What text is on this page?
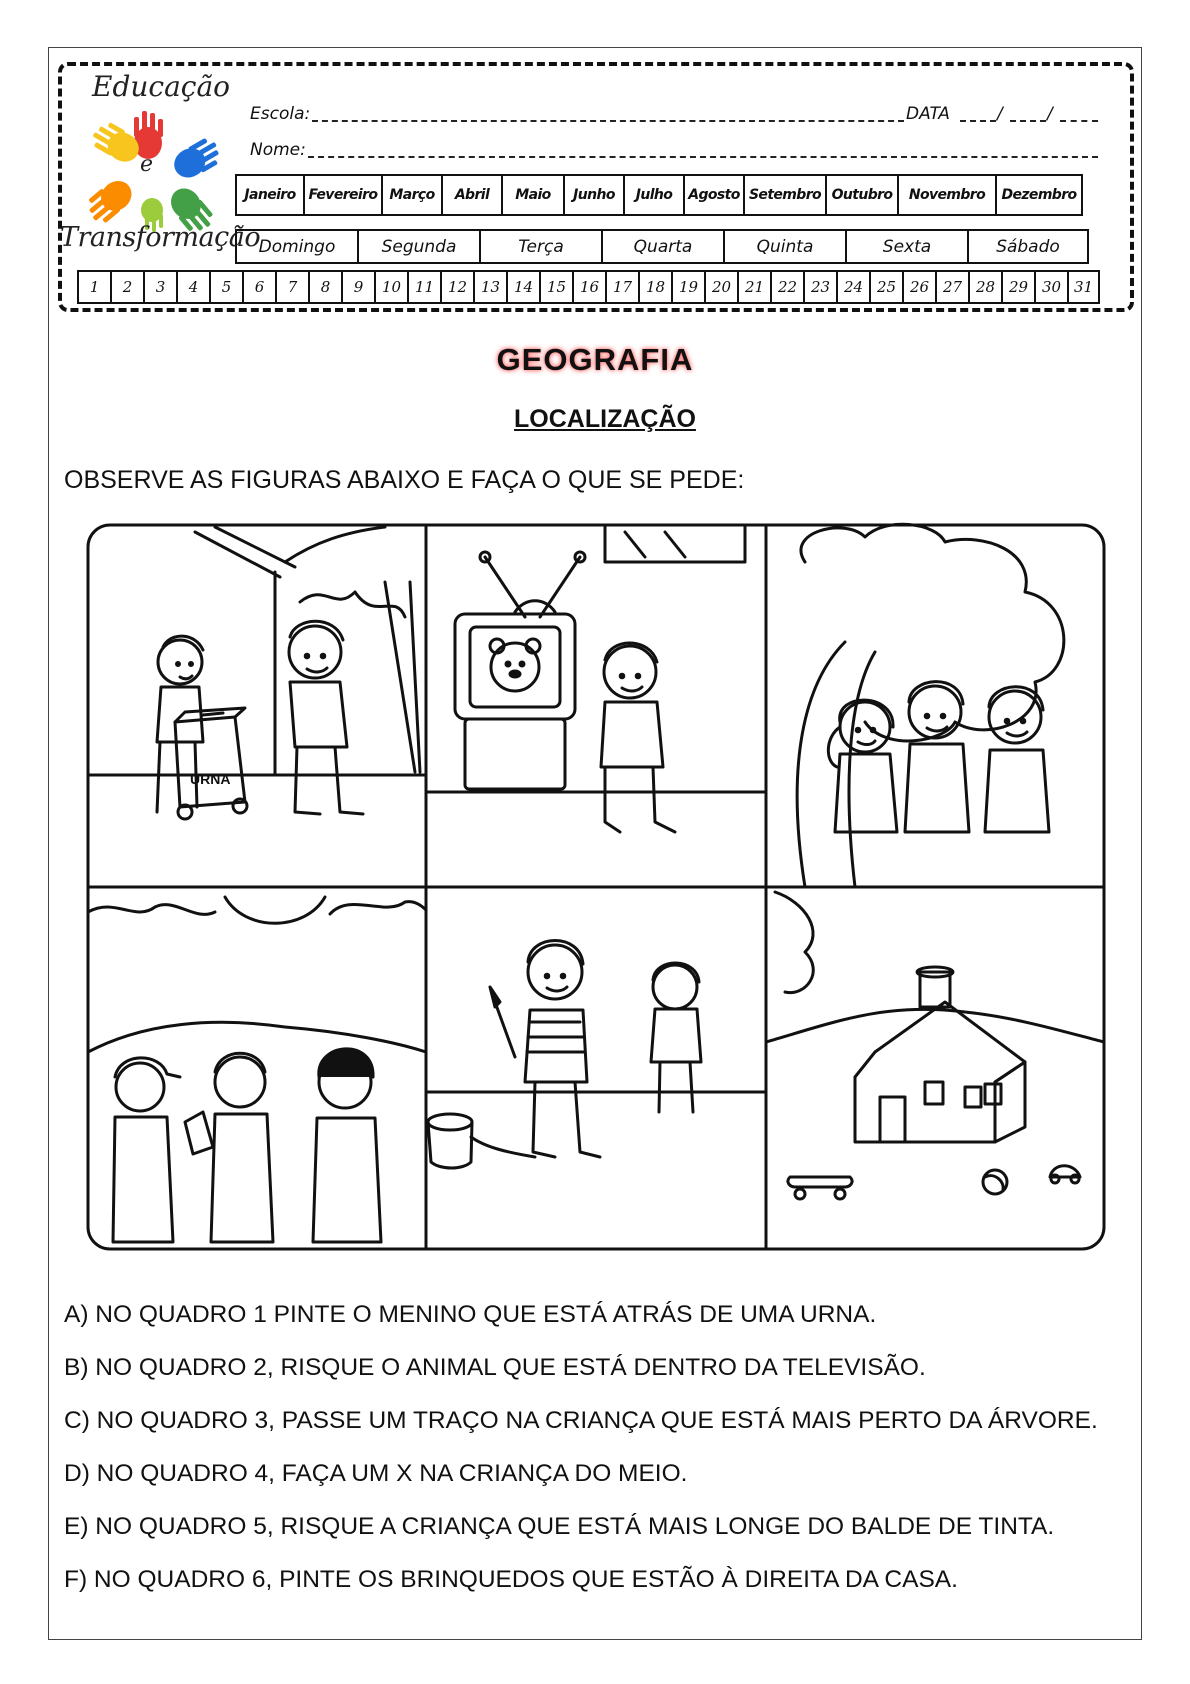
Educação
e
Transformação
Escola:	DATA	/	/
Nome:
Janeiro Fevereiro Março	Abril	Maio	Junho	Julho	Agosto Setembro Outubro	Novembro	Dezembro
Domingo	Segunda	Terça	Quarta	Quinta	Sexta	Sábado
1	2	3	4	5	6	7	8	9	10 11 12 13 14 15 16 17 18 19 20 21 22 23 24 25 26 27 28 29 30 31
GEOGRAFIA
LOCALIZAÇÃO
OBSERVE AS FIGURAS ABAIXO E FAÇA O QUE SE PEDE:
URNA
A) NO QUADRO 1 PINTE O MENINO QUE ESTÁ ATRÁS DE UMA URNA.
B) NO QUADRO 2, RISQUE O ANIMAL QUE ESTÁ DENTRO DA TELEVISÃO.
C) NO QUADRO 3, PASSE UM TRAÇO NA CRIANÇA QUE ESTÁ MAIS PERTO DA ÁRVORE.
D) NO QUADRO 4, FAÇA UM X NA CRIANÇA DO MEIO.
E) NO QUADRO 5, RISQUE A CRIANÇA QUE ESTÁ MAIS LONGE DO BALDE DE TINTA.
F) NO QUADRO 6, PINTE OS BRINQUEDOS QUE ESTÃO À DIREITA DA CASA.
